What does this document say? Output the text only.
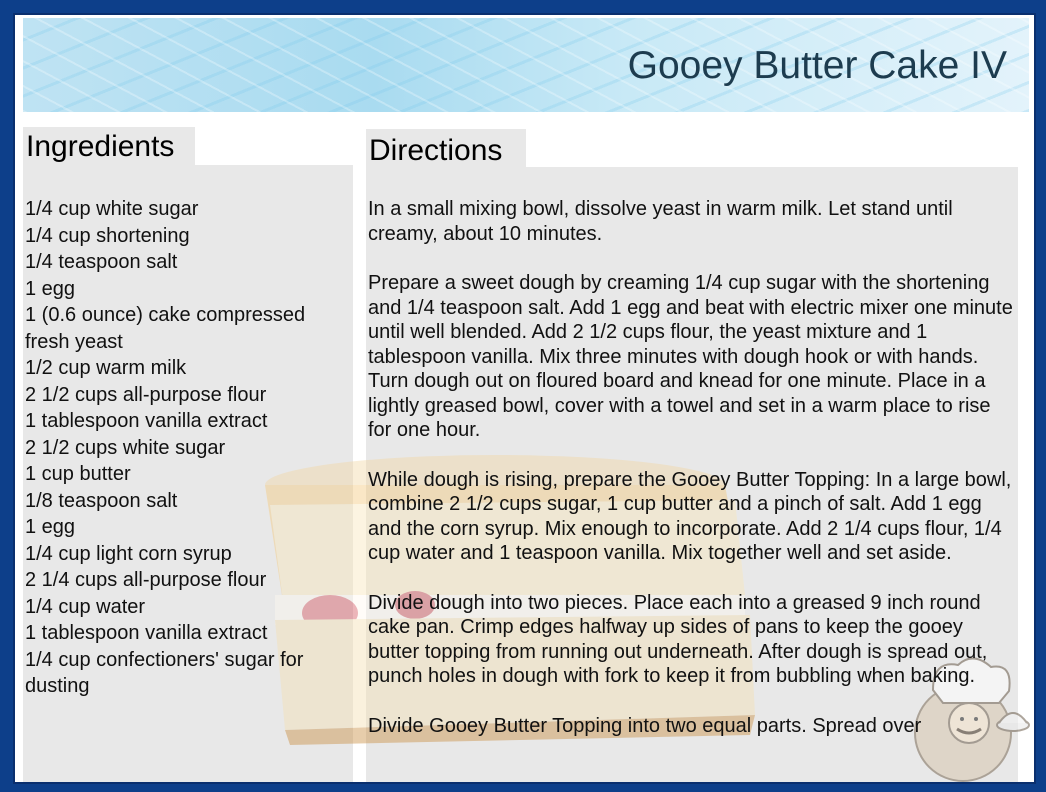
Gooey Butter Cake IV
Ingredients	Directions
1/4 cup white sugar
1/4 cup shortening
1/4 teaspoon salt
1 egg
1 (0.6 ounce) cake compressed fresh yeast
1/2 cup warm milk
2 1/2 cups all-purpose flour
1 tablespoon vanilla extract
2 1/2 cups white sugar
1 cup butter
1/8 teaspoon salt
1 egg
1/4 cup light corn syrup
2 1/4 cups all-purpose flour
1/4 cup water
1 tablespoon vanilla extract
1/4 cup confectioners' sugar for dusting

In a small mixing bowl, dissolve yeast in warm milk. Let stand until creamy, about 10 minutes.

Prepare a sweet dough by creaming 1/4 cup sugar with the shortening and 1/4 teaspoon salt. Add 1 egg and beat with electric mixer one minute until well blended. Add 2 1/2 cups flour, the yeast mixture and 1 tablespoon vanilla. Mix three minutes with dough hook or with hands. Turn dough out on floured board and knead for one minute. Place in a lightly greased bowl, cover with a towel and set in a warm place to rise for one hour.

While dough is rising, prepare the Gooey Butter Topping: In a large bowl, combine 2 1/2 cups sugar, 1 cup butter and a pinch of salt. Add 1 egg and the corn syrup. Mix enough to incorporate. Add 2 1/4 cups flour, 1/4 cup water and 1 teaspoon vanilla. Mix together well and set aside.

Divide dough into two pieces. Place each into a greased 9 inch round cake pan. Crimp edges halfway up sides of pans to keep the gooey butter topping from running out underneath. After dough is spread out, punch holes in dough with fork to keep it from bubbling when baking.

Divide Gooey Butter Topping into two equal parts. Spread over
